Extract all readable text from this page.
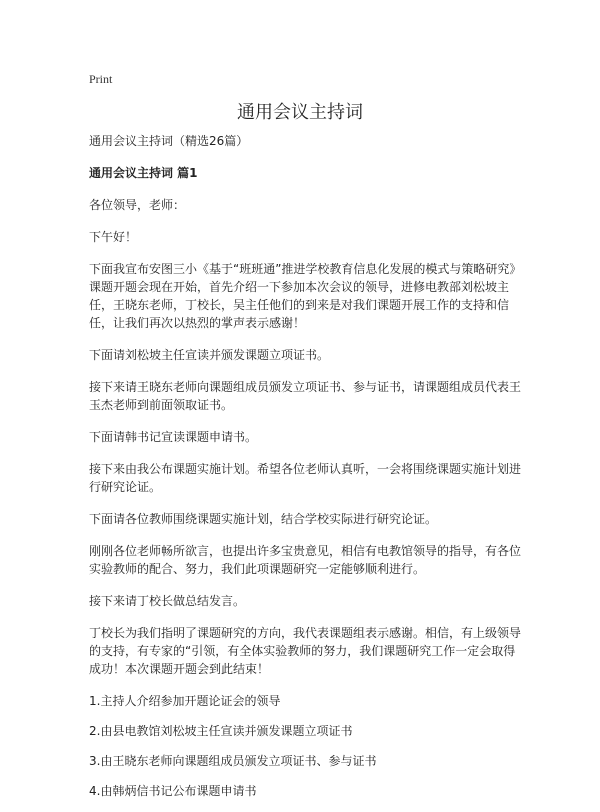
Print
通用会议主持词

通用会议主持词（精选26篇）

通用会议主持词 篇1

各位领导，老师：

下午好！

下面我宣布安图三小《基于“班班通”推进学校教育信息化发展的模式与策略研究》课题开题会现在开始，首先介绍一下参加本次会议的领导，进修电教部刘松坡主任，王晓东老师，丁校长，吴主任他们的到来是对我们课题开展工作的支持和信任，让我们再次以热烈的掌声表示感谢！

下面请刘松坡主任宣读并颁发课题立项证书。

接下来请王晓东老师向课题组成员颁发立项证书、参与证书，请课题组成员代表王玉杰老师到前面领取证书。

下面请韩书记宣读课题申请书。

接下来由我公布课题实施计划。希望各位老师认真听，一会将围绕课题实施计划进行研究论证。

下面请各位教师围绕课题实施计划，结合学校实际进行研究论证。

刚刚各位老师畅所欲言，也提出许多宝贵意见，相信有电教馆领导的指导，有各位实验教师的配合、努力，我们此项课题研究一定能够顺利进行。

接下来请丁校长做总结发言。

丁校长为我们指明了课题研究的方向，我代表课题组表示感谢。相信，有上级领导的支持，有专家的“引领，有全体实验教师的努力，我们课题研究工作一定会取得成功！本次课题开题会到此结束！

1.主持人介绍参加开题论证会的领导

2.由县电教馆刘松坡主任宣读并颁发课题立项证书

3.由王晓东老师向课题组成员颁发立项证书、参与证书

4.由韩炳信书记公布课题申请书
